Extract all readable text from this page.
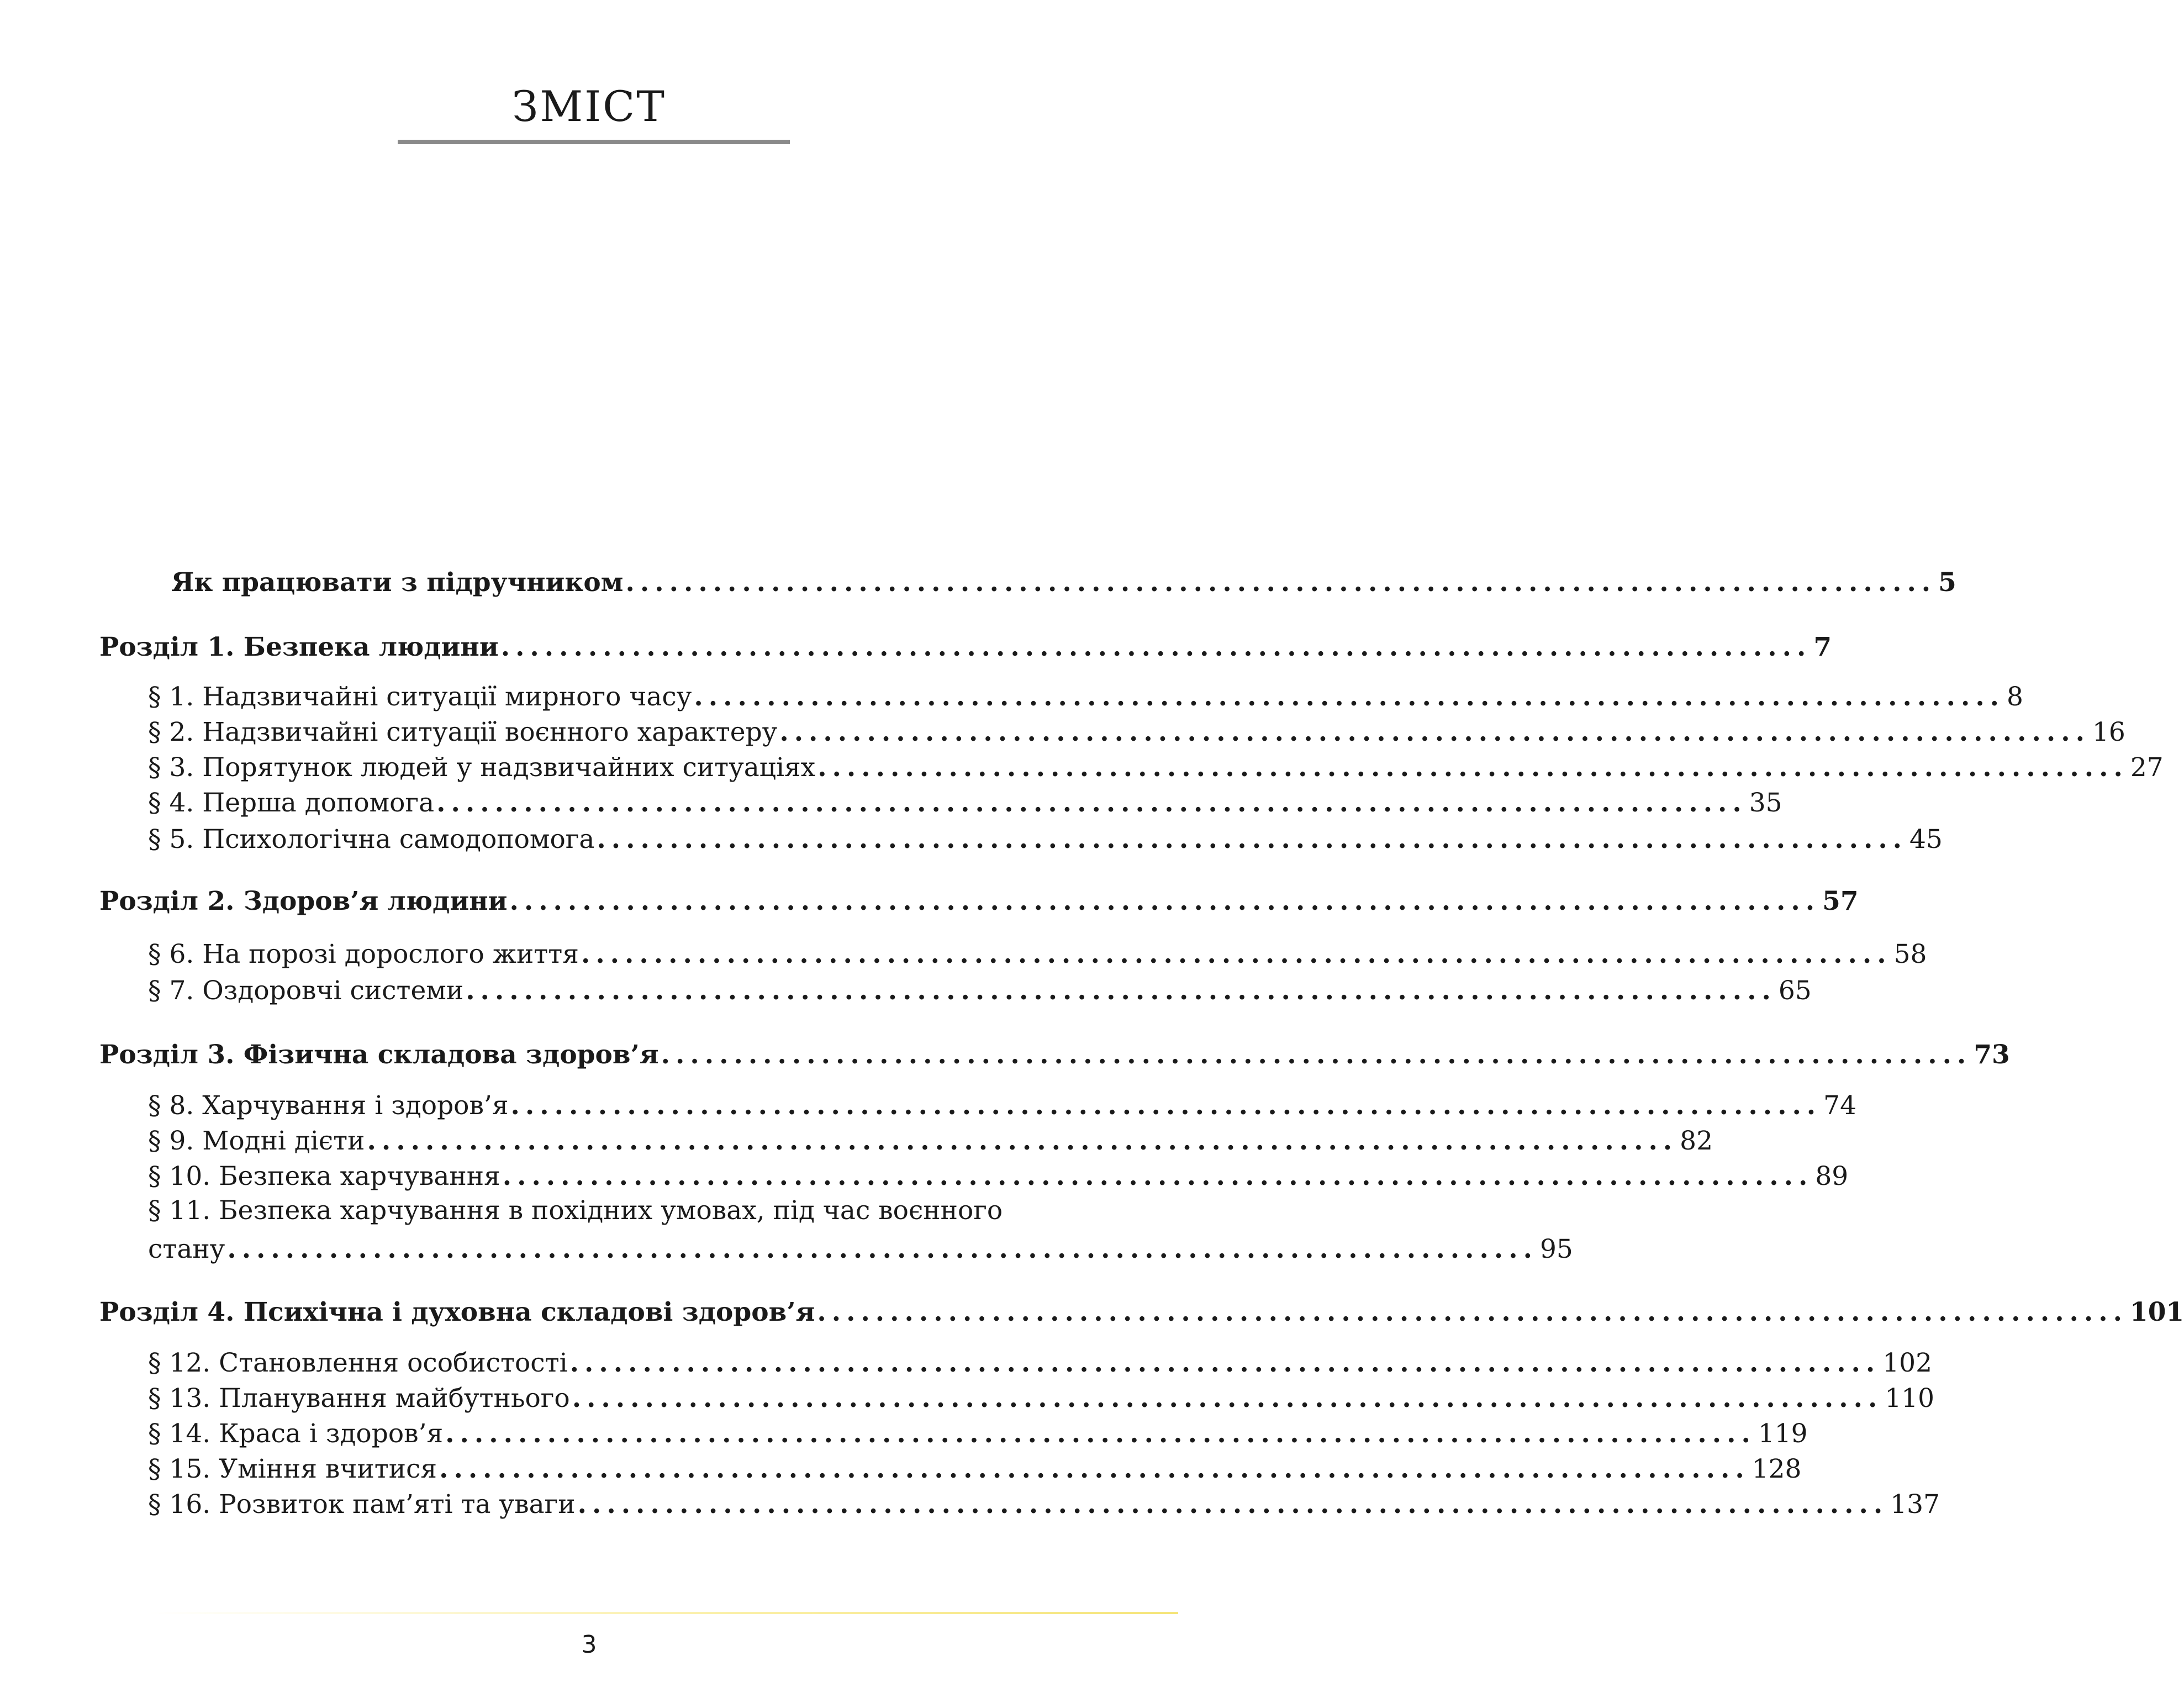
ЗМІСТ
Як працювати з підручником .......................................................................................... 5
Розділ 1. Безпека людини .......................................................................................... 7
§ 1. Надзвичайні ситуації мирного часу .......................................................................................... 8
§ 2. Надзвичайні ситуації воєнного характеру .......................................................................................... 16
§ 3. Порятунок людей у надзвичайних ситуаціях .......................................................................................... 27
§ 4. Перша допомога .......................................................................................... 35
§ 5. Психологічна самодопомога .......................................................................................... 45
Розділ 2. Здоров’я людини .......................................................................................... 57
§ 6. На порозі дорослого життя .......................................................................................... 58
§ 7. Оздоровчі системи .......................................................................................... 65
Розділ 3. Фізична складова здоров’я .......................................................................................... 73
§ 8. Харчування і здоров’я .......................................................................................... 74
§ 9. Модні дієти .......................................................................................... 82
§ 10. Безпека харчування .......................................................................................... 89
§ 11. Безпека харчування в похідних умовах, під час воєнного
стану .......................................................................................... 95
Розділ 4. Психічна і духовна складові здоров’я .......................................................................................... 101
§ 12. Становлення особистості .......................................................................................... 102
§ 13. Планування майбутнього .......................................................................................... 110
§ 14. Краса і здоров’я .......................................................................................... 119
§ 15. Уміння вчитися .......................................................................................... 128
§ 16. Розвиток пам’яті та уваги .......................................................................................... 137
3
